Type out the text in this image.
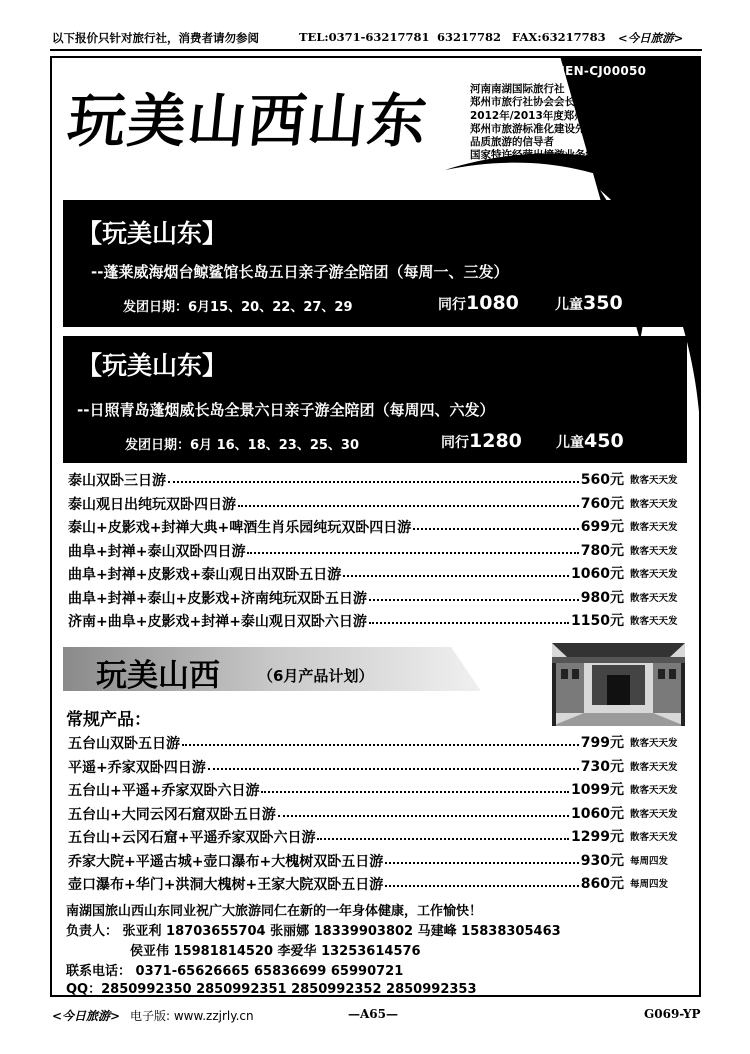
以下报价只针对旅行社，消费者请勿参阅	TEL:0371-63217781 63217782 FAX:63217783 <今日旅游>
许可证号：L-HEN-CJ00050
玩美山西山东	河南南湖国际旅行社
郑州市旅行社协会会长单位
2012年/2013年度郑州市十佳旅行社
郑州市旅游标准化建设先进单位
品质旅游的信导者
国家特许经营出境游业务组团社
【玩美山东】
--蓬莱威海烟台鲸鲨馆长岛五日亲子游全陪团（每周一、三发）
发团日期：6月15、20、22、27、29	同行1080	儿童350
【玩美山东】
--日照青岛蓬烟威长岛全景六日亲子游全陪团（每周四、六发）
发团日期：6月 16、18、23、25、30	同行1280 儿童450
泰山双卧三日游	560元 散客天天发
泰山观日出纯玩双卧四日游	760元 散客天天发
泰山+皮影戏+封禅大典+啤酒生肖乐园纯玩双卧四日游	699元 散客天天发
曲阜+封禅+泰山双卧四日游	780元 散客天天发
曲阜+封禅+皮影戏+泰山观日出双卧五日游	1060元 散客天天发
曲阜+封禅+泰山+皮影戏+济南纯玩双卧五日游	980元 散客天天发
济南+曲阜+皮影戏+封禅+泰山观日双卧六日游	1150元 散客天天发
玩美山西	（6月产品计划）
常规产品：
五台山双卧五日游	799元 散客天天发
平遥+乔家双卧四日游	730元 散客天天发
五台山+平遥+乔家双卧六日游	1099元 散客天天发
五台山+大同云冈石窟双卧五日游	1060元 散客天天发
五台山+云冈石窟+平遥乔家双卧六日游	1299元 散客天天发
乔家大院+平遥古城+壶口瀑布+大槐树双卧五日游	930元 每周四发
壶口瀑布+华门+洪洞大槐树+王家大院双卧五日游	860元 每周四发
南湖国旅山西山东同业祝广大旅游同仁在新的一年身体健康，工作愉快！
负责人： 张亚利 18703655704 张丽娜 18339903802 马建峰 15838305463
侯亚伟 15981814520 李爱华 13253614576
联系电话： 0371-65626665 65836699 65990721
QQ：2850992350 2850992351 2850992352 2850992353
<今日旅游> 电子版: www.zzjrly.cn	—A65—	G069-YP
